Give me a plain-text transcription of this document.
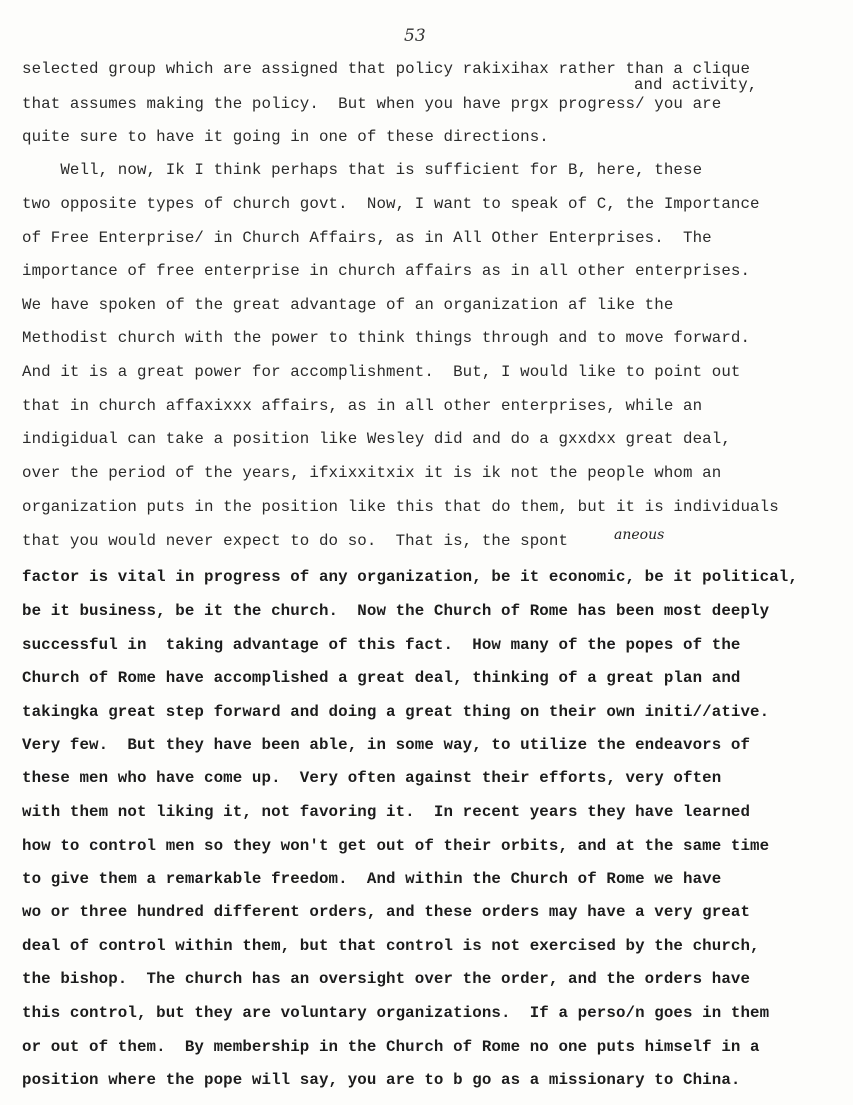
53
and activity,
aneous
selected group which are assigned that policy rakixihax rather than a clique
that assumes making the policy.  But when you have prgx progress/ you are
quite sure to have it going in one of these directions.
Well, now, Ik I think perhaps that is sufficient for B, here, these
two opposite types of church govt.  Now, I want to speak of C, the Importance
of Free Enterprise/ in Church Affairs, as in All Other Enterprises.  The
importance of free enterprise in church affairs as in all other enterprises.
We have spoken of the great advantage of an organization af like the
Methodist church with the power to think things through and to move forward.
And it is a great power for accomplishment.  But, I would like to point out
that in church affaxixxx affairs, as in all other enterprises, while an
indigidual can take a position like Wesley did and do a gxxdxx great deal,
over the period of the years, ifxixxitxix it is ik not the people whom an
organization puts in the position like this that do them, but it is individuals
that you would never expect to do so.  That is, the spont
factor is vital in progress of any organization, be it economic, be it political,
be it business, be it the church.  Now the Church of Rome has been most deeply
successful in  taking advantage of this fact.  How many of the popes of the
Church of Rome have accomplished a great deal, thinking of a great plan and
takingka great step forward and doing a great thing on their own initi//ative.
Very few.  But they have been able, in some way, to utilize the endeavors of
these men who have come up.  Very often against their efforts, very often
with them not liking it, not favoring it.  In recent years they have learned
how to control men so they won't get out of their orbits, and at the same time
to give them a remarkable freedom.  And within the Church of Rome we have
wo or three hundred different orders, and these orders may have a very great
deal of control within them, but that control is not exercised by the church,
the bishop.  The church has an oversight over the order, and the orders have
this control, but they are voluntary organizations.  If a perso/n goes in them
or out of them.  By membership in the Church of Rome no one puts himself in a
position where the pope will say, you are to b go as a missionary to China.
